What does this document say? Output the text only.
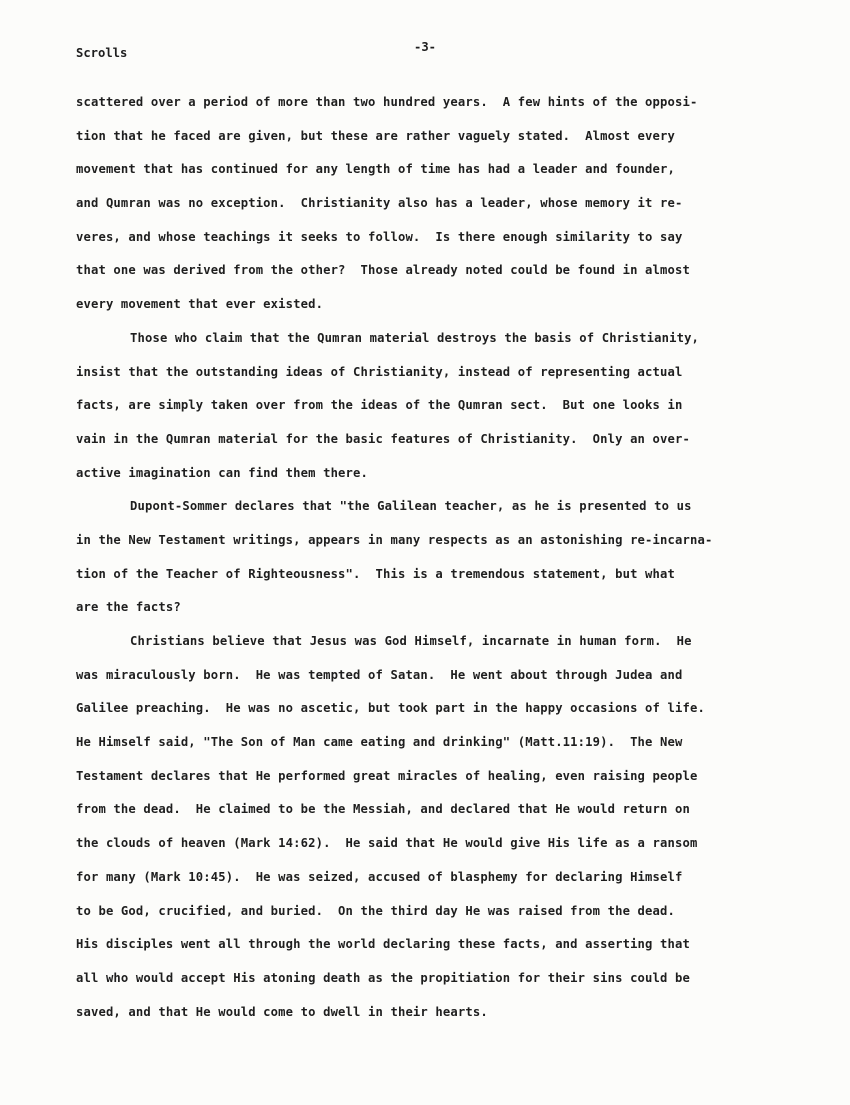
Scrolls	-3-
scattered over a period of more than two hundred years.  A few hints of the opposi-
tion that he faced are given, but these are rather vaguely stated.  Almost every
movement that has continued for any length of time has had a leader and founder,
and Qumran was no exception.  Christianity also has a leader, whose memory it re-
veres, and whose teachings it seeks to follow.  Is there enough similarity to say
that one was derived from the other?  Those already noted could be found in almost
every movement that ever existed.
Those who claim that the Qumran material destroys the basis of Christianity,
insist that the outstanding ideas of Christianity, instead of representing actual
facts, are simply taken over from the ideas of the Qumran sect.  But one looks in
vain in the Qumran material for the basic features of Christianity.  Only an over-
active imagination can find them there.
Dupont-Sommer declares that "the Galilean teacher, as he is presented to us
in the New Testament writings, appears in many respects as an astonishing re-incarna-
tion of the Teacher of Righteousness".  This is a tremendous statement, but what
are the facts?
Christians believe that Jesus was God Himself, incarnate in human form.  He
was miraculously born.  He was tempted of Satan.  He went about through Judea and
Galilee preaching.  He was no ascetic, but took part in the happy occasions of life.
He Himself said, "The Son of Man came eating and drinking" (Matt.11:19).  The New
Testament declares that He performed great miracles of healing, even raising people
from the dead.  He claimed to be the Messiah, and declared that He would return on
the clouds of heaven (Mark 14:62).  He said that He would give His life as a ransom
for many (Mark 10:45).  He was seized, accused of blasphemy for declaring Himself
to be God, crucified, and buried.  On the third day He was raised from the dead.
His disciples went all through the world declaring these facts, and asserting that
all who would accept His atoning death as the propitiation for their sins could be
saved, and that He would come to dwell in their hearts.
